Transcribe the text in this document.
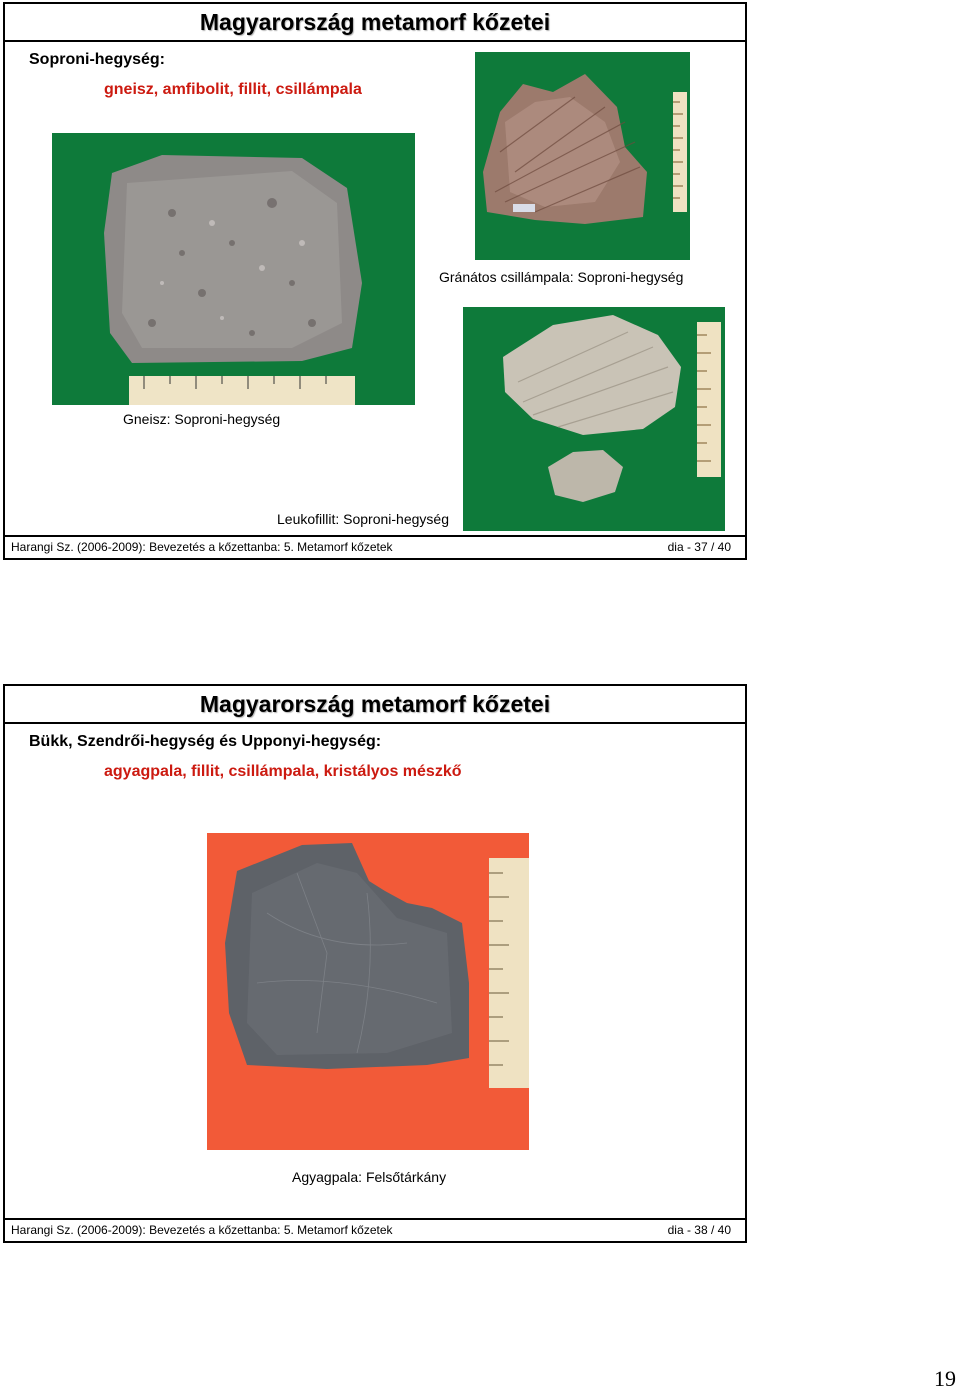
Magyarország metamorf kőzetei
Soproni-hegység:
gneisz, amfibolit, fillit, csillámpala
Gránátos csillámpala: Soproni-hegység
Gneisz: Soproni-hegység
Leukofillit: Soproni-hegység
Harangi Sz. (2006-2009): Bevezetés a kőzettanba: 5. Metamorf kőzetek	dia - 37 / 40
Magyarország metamorf kőzetei
Bükk, Szendrői-hegység és Upponyi-hegység:
agyagpala, fillit, csillámpala, kristályos mészkő
Agyagpala: Felsőtárkány
Harangi Sz. (2006-2009): Bevezetés a kőzettanba: 5. Metamorf kőzetek	dia - 38 / 40
19
